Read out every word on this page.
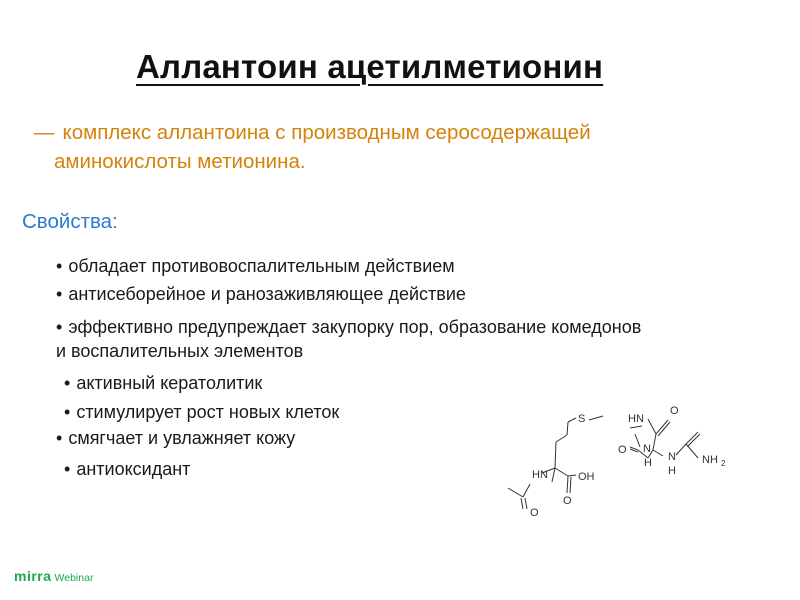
Аллантоин ацетилметионин
— комплекс аллантоина с производным серосодержащей
аминокислоты метионина.
Свойства:
• обладает противовоспалительным действием
• антисеборейное и ранозаживляющее действие
• эффективно предупреждает закупорку пор, образование комедонов
и воспалительных элементов
• активный кератолитик
• стимулирует рост новых клеток
• смягчает и увлажняет кожу
• антиоксидант	HN
O
S
OH
O
HN
O
O N
H N
H
NH 2
mirra Webinar
